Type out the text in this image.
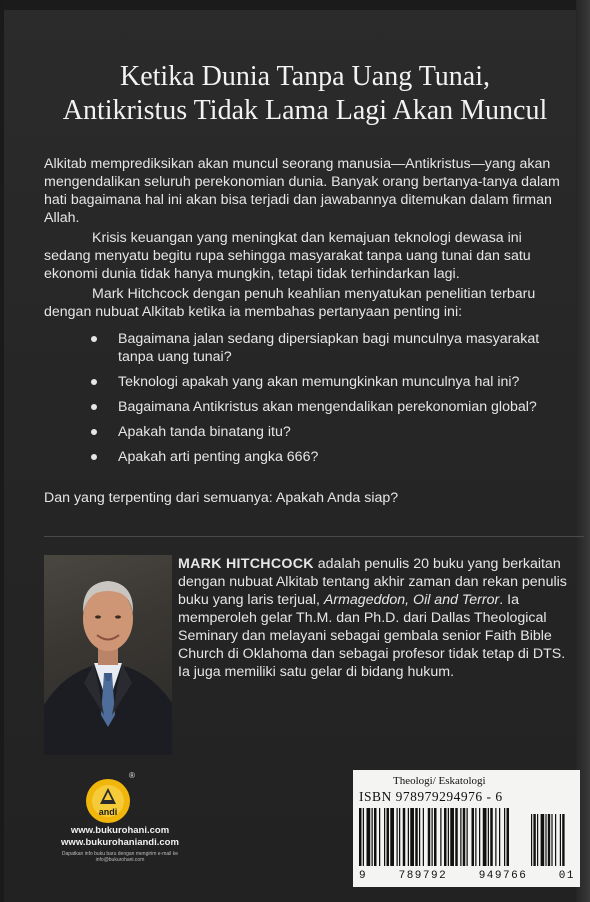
Ketika Dunia Tanpa Uang Tunai,
Antikristus Tidak Lama Lagi Akan Muncul

Alkitab memprediksikan akan muncul seorang manusia—Antikristus—yang akan mengendalikan seluruh perekonomian dunia. Banyak orang bertanya-tanya dalam hati bagaimana hal ini akan bisa terjadi dan jawabannya ditemukan dalam firman Allah.

Krisis keuangan yang meningkat dan kemajuan teknologi dewasa ini sedang menyatu begitu rupa sehingga masyarakat tanpa uang tunai dan satu ekonomi dunia tidak hanya mungkin, tetapi tidak terhindarkan lagi.

Mark Hitchcock dengan penuh keahlian menyatukan penelitian terbaru dengan nubuat Alkitab ketika ia membahas pertanyaan penting ini:

Bagaimana jalan sedang dipersiapkan bagi munculnya masyarakat tanpa uang tunai?
Teknologi apakah yang akan memungkinkan munculnya hal ini?
Bagaimana Antikristus akan mengendalikan perekonomian global?
Apakah tanda binatang itu?
Apakah arti penting angka 666?

Dan yang terpenting dari semuanya: Apakah Anda siap?

MARK HITCHCOCK adalah penulis 20 buku yang berkaitan dengan nubuat Alkitab tentang akhir zaman dan rekan penulis buku yang laris terjual, Armageddon, Oil and Terror. Ia memperoleh gelar Th.M. dan Ph.D. dari Dallas Theological Seminary dan melayani sebagai gembala senior Faith Bible Church di Oklahoma dan sebagai profesor tidak tetap di DTS. Ia juga memiliki satu gelar di bidang hukum.

andi
®
www.bukurohani.com
www.bukurohaniandi.com
Dapatkan info buku baru dengan mengirim e-mail ke info@bukurohani.com
Theologi/ Eskatologi
ISBN 978979294976 - 6
9	789792	949766	01
